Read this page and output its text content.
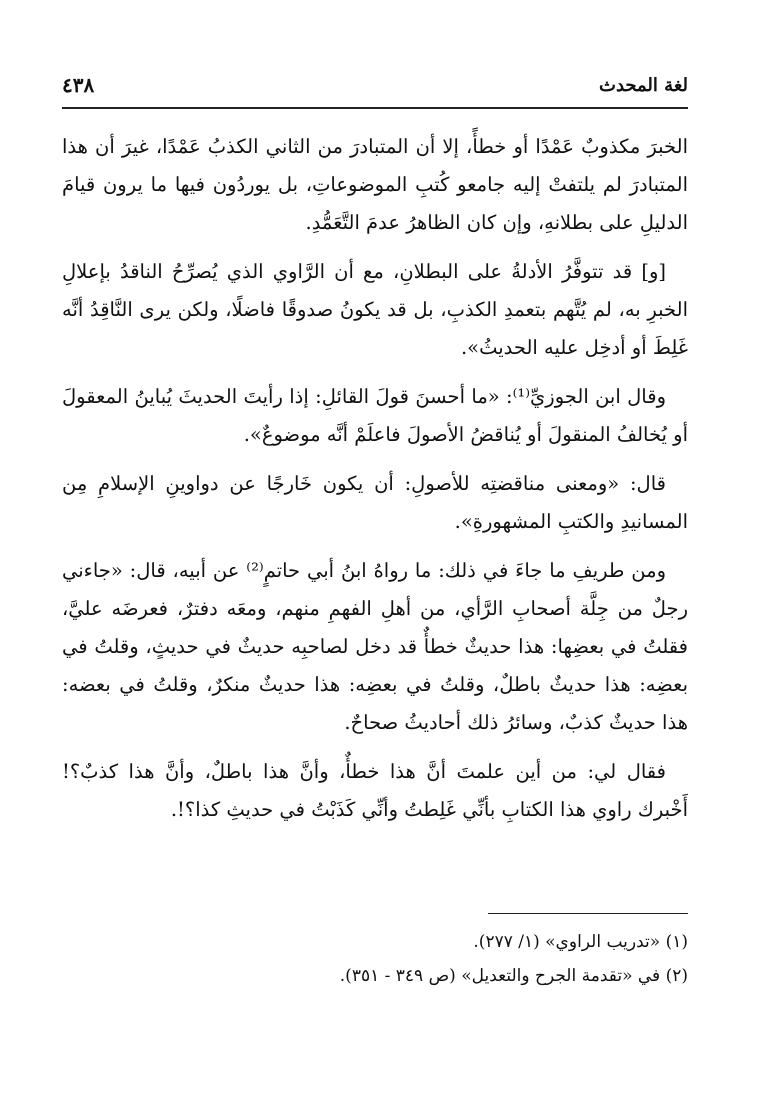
لغة المحدث
٤٣٨

الخبرَ مكذوبٌ عَمْدًا أو خطأً، إلا أن المتبادرَ من الثاني الكذبُ عَمْدًا، غيرَ أن هذا المتبادرَ لم يلتفتْ إليه جامعو كُتبِ الموضوعاتِ، بل يوردُون فيها ما يرون قيامَ الدليلِ على بطلانهِ، وإن كان الظاهرُ عدمَ التَّعَمُّدِ.

[و] قد تتوفَّرُ الأدلةُ على البطلانِ، مع أن الرَّاوي الذي يُصرِّحُ الناقدُ بإعلالِ الخبرِ به، لم يُتَّهم بتعمدِ الكذبِ، بل قد يكونُ صدوقًا فاضلًا، ولكن يرى النَّاقِدُ أنَّه غَلِطَ أو أدخِل عليه الحديثُ».

وقال ابن الجوزيِّ⁽¹⁾: «ما أحسنَ قولَ القائلِ: إذا رأيتَ الحديثَ يُباينُ المعقولَ أو يُخالفُ المنقولَ أو يُناقضُ الأصولَ فاعلَمْ أنَّه موضوعٌ».

قال: «ومعنى مناقضتِه للأصولِ: أن يكون خَارجًا عن دواوينِ الإسلامِ مِن المسانيدِ والكتبِ المشهورةِ».

ومن طريفِ ما جاءَ في ذلك: ما رواهُ ابنُ أبي حاتمٍ⁽²⁾ عن أبيه، قال: «جاءني رجلٌ من جِلَّة أصحابِ الرَّأي، من أهلِ الفهمِ منهم، ومعَه دفترٌ، فعرضَه عليَّ، فقلتُ في بعضِها: هذا حديثٌ خطأٌ قد دخل لصاحبِه حديثٌ في حديثٍ، وقلتُ في بعضِه: هذا حديثٌ باطلٌ، وقلتُ في بعضِه: هذا حديثٌ منكرٌ، وقلتُ في بعضه: هذا حديثٌ كذبٌ، وسائرُ ذلك أحاديثُ صحاحٌ.

فقال لي: من أين علمتَ أنَّ هذا خطأٌ، وأنَّ هذا باطلٌ، وأنَّ هذا كذبٌ؟! أَخْبرك راوي هذا الكتابِ بأنِّي غَلِطتُ وأنِّي كَذَبْتُ في حديثِ كذا؟!.

(١) «تدريب الراوي» (١/ ٢٧٧).

(٢) في «تقدمة الجرح والتعديل» (ص ٣٤٩ - ٣٥١).
